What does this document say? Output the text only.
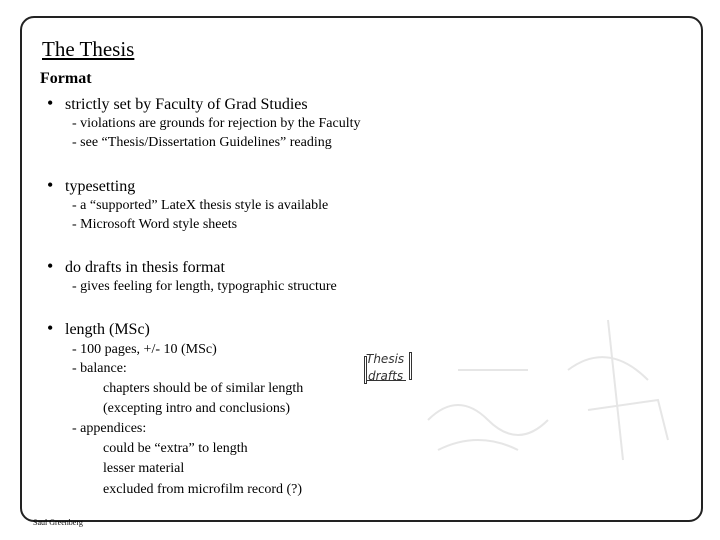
The Thesis
Format
• strictly set by Faculty of Grad Studies
- violations are grounds for rejection by the Faculty
- see “Thesis/Dissertation Guidelines” reading
• typesetting
- a “supported” LateX thesis style is available
- Microsoft Word style sheets
• do drafts in thesis format
- gives feeling for length, typographic structure
• length (MSc)
- 100 pages, +/- 10 (MSc)
- balance:
chapters should be of similar length
(excepting intro and conclusions)
- appendices:
could be “extra” to length
lesser material
excluded from microfilm record (?)
Thesis
drafts
Saul Greenberg
